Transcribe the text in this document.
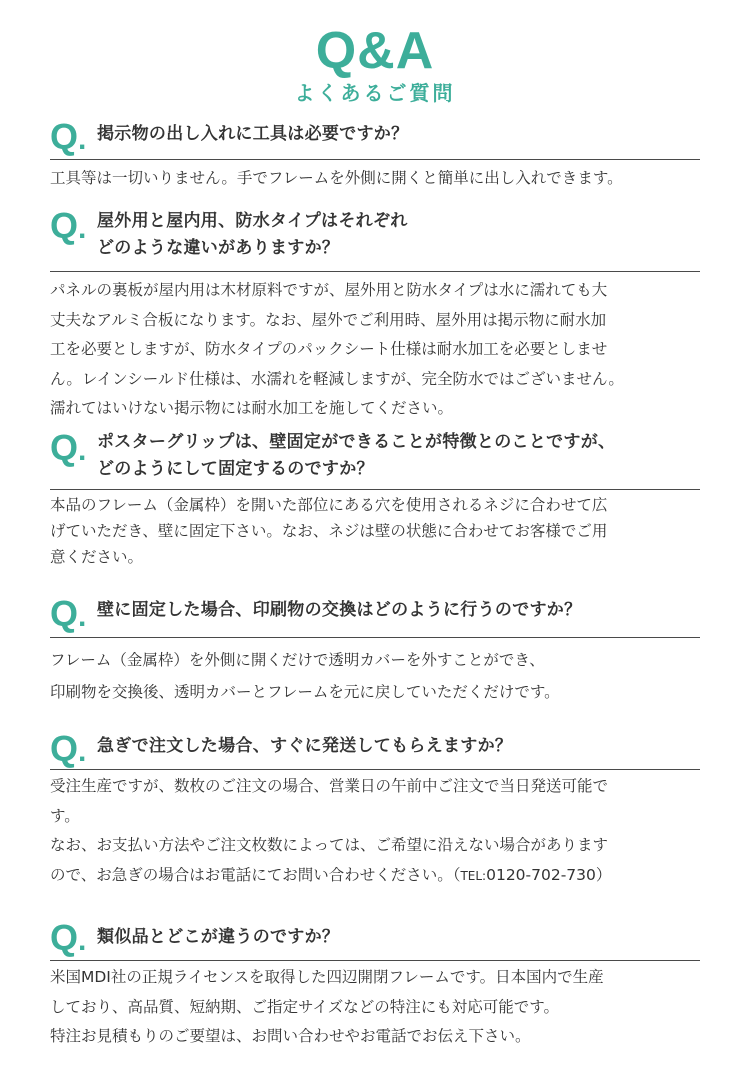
Q&A
よくあるご質問
Q. 掲示物の出し入れに工具は必要ですか？
工具等は一切いりません。手でフレームを外側に開くと簡単に出し入れできます。
Q. 屋外用と屋内用、防水タイプはそれぞれ
どのような違いがありますか？
パネルの裏板が屋内用は木材原料ですが、屋外用と防水タイプは水に濡れても大
丈夫なアルミ合板になります。なお、屋外でご利用時、屋外用は掲示物に耐水加
工を必要としますが、防水タイプのパックシート仕様は耐水加工を必要としませ
ん。レインシールド仕様は、水濡れを軽減しますが、完全防水ではございません。
濡れてはいけない掲示物には耐水加工を施してください。
Q. ポスターグリップは、壁固定ができることが特徴とのことですが、
どのようにして固定するのですか？
本品のフレーム（金属枠）を開いた部位にある穴を使用されるネジに合わせて広
げていただき、壁に固定下さい。なお、ネジは壁の状態に合わせてお客様でご用
意ください。
Q. 壁に固定した場合、印刷物の交換はどのように行うのですか？
フレーム（金属枠）を外側に開くだけで透明カバーを外すことができ、
印刷物を交換後、透明カバーとフレームを元に戻していただくだけです。
Q. 急ぎで注文した場合、すぐに発送してもらえますか？
受注生産ですが、数枚のご注文の場合、営業日の午前中ご注文で当日発送可能で
す。
なお、お支払い方法やご注文枚数によっては、ご希望に沿えない場合があります
ので、お急ぎの場合はお電話にてお問い合わせください。（TEL:0120-702-730）
Q. 類似品とどこが違うのですか？
米国MDI社の正規ライセンスを取得した四辺開閉フレームです。日本国内で生産
しており、高品質、短納期、ご指定サイズなどの特注にも対応可能です。
特注お見積もりのご要望は、お問い合わせやお電話でお伝え下さい。
